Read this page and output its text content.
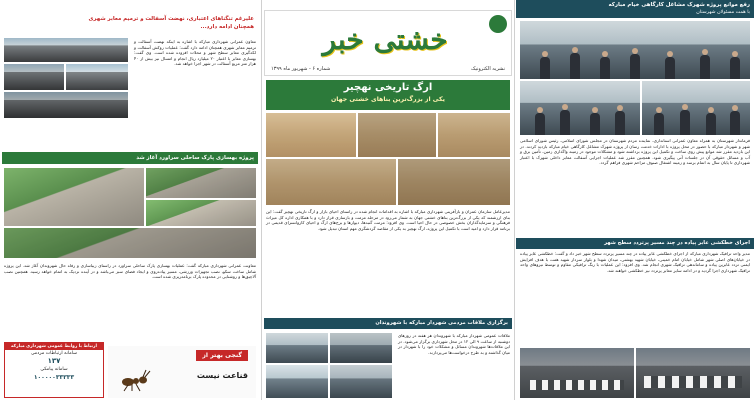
رفع موانع پروژه شهرک مشاغل کارگاهی خیام مبارکه
با همت مسئولان شهرستان
فرماندار شهرستان به همراه معاون عمرانی استانداری، نماینده مردم شهرستان در مجلس شورای اسلامی، رئیس شورای اسلامی شهر و شهردار مبارکه با حضور در محل پروژه با ادارات خدمت رسان از پروژه شهرک مشاغل کارگاهی خیام مبارکه بازدید کردند. در این بازدید مقرر شد موانع پیش روی ساخت و تکمیل این پروژه برداشته شود و مشکلات موجود در زمینه واگذاری زمین، تأمین برق و آب و مسائل حقوقی آن در جلسات آتی پیگیری شود. همچنین مقرر شد عملیات اجرایی آسفالت معابر داخلی شهرک با اعتبار شهرداری تا پایان سال به اتمام برسد و زمینه اشتغال صنوف مزاحم شهری فراهم گردد.
اجرای خطکشی عابر پیاده در چند مسیر پرتردد سطح شهر
مدیر واحد ترافیک شهرداری مبارکه از اجرای خطکشی عابر پیاده در چند مسیر پرتردد سطح شهر خبر داد و گفت: خطکشی عابر پیاده در خیابان‌های اصلی شهر شامل خیابان امام خمینی، خیابان شهید بهشتی، میدان شهدا و بلوار سردار شهید همت با هدف افزایش ایمنی تردد عابرین پیاده و ساماندهی ترافیک شهری انجام شد. وی افزود: این عملیات با رنگ ترافیکی مقاوم و توسط نیروهای واحد ترافیک شهرداری اجرا گردید و در ادامه سایر معابر پرتردد نیز خطکشی خواهند شد.
خشتی خبر
نشریه الکترونیک
شماره ۶ - شهریور ماه ۱۳۹۹
ارگ تاریخی نهچیر
یکی از بزرگ‌ترین بناهای خشتی جهان
مدیرعامل سازمان عمران و بازآفرینی شهرداری مبارکه با اشاره به اقدامات انجام شده در راستای احیای بازار و ارگ تاریخی نهچیر گفت: این بنای ارزشمند که یکی از بزرگ‌ترین بناهای خشتی جهان به شمار می‌رود در مرحله مرمت و بازسازی قرار دارد و با همکاری اداره کل میراث فرهنگی و سرمایه‌گذاران بخش خصوصی در حال احیا است. وی افزود: مرمت گنبدها، دیوارها و برج‌های ارگ و احیای کاروانسرای قدیمی در برنامه قرار دارد و امید است با تکمیل این پروژه، ارگ نهچیر به یکی از مقاصد گردشگری مهم استان تبدیل شود.
برگزاری ملاقات مردمی شهردار مبارکه با شهروندان
ملاقات عمومی شهردار مبارکه با شهروندان هر هفته در روزهای دوشنبه از ساعت ۹ الی ۱۲ در محل شهرداری برگزار می‌شود. در این ملاقات‌ها شهروندان مسائل و مشکلات خود را با شهردار در میان گذاشته و به طرح درخواست‌ها می‌پردازند.
علیرغم تنگناهای اعتباری، نهضت آسفالت و ترمیم معابر شهری
همچنان ادامه دارد...
معاون عمرانی شهرداری مبارکه با اشاره به اینکه نهضت آسفالت و ترمیم معابر شهری همچنان ادامه دارد گفت: عملیات روکش آسفالت و لکه‌گیری معابر سطح شهر و محلات افزوده شده است. وی گفت: بهسازی معابر با اعتبار ۲۰ میلیارد ریال انجام و امسال نیز بیش از ۴۰ هزار متر مربع آسفالت در شهر اجرا خواهد شد.
پروژه بهسازی پارک ساحلی سراورد آغاز شد
معاونت عمرانی شهرداری مبارکه گفت: عملیات بهسازی پارک ساحلی سراورد در راستای زیباسازی و رفاه حال شهروندان آغاز شد. این پروژه شامل ساخت سکو، نصب تجهیزات ورزشی، مسیر پیاده‌روی و ایجاد فضای سبز می‌باشد و در آینده نزدیک به اتمام خواهد رسید. همچنین نصب آلاچیق‌ها و روشنایی در محدوده پارک برنامه‌ریزی شده است.
ارتباط با روابط عمومی شهرداری مبارکه
سامانه ارتباطات مردمی
۱۳۷
سامانه پیامکی
۱۰۰۰۰۰۳۳۳۳۳
گنجی بهتر از
قناعت نیست
